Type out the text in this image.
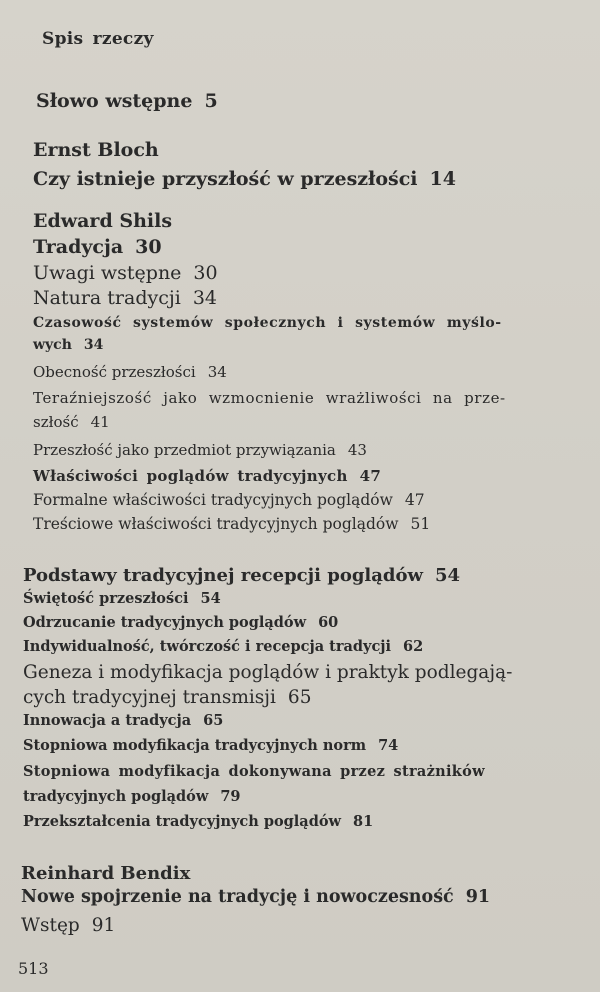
Spis rzeczy
Słowo wstępne 5
Ernst Bloch
Czy istnieje przyszłość w przeszłości 14
Edward Shils
Tradycja 30
Uwagi wstępne 30
Natura tradycji 34
Czasowość systemów społecznych i systemów myślo-
wych 34
Obecność przeszłości 34
Teraźniejszość jako wzmocnienie wrażliwości na prze-
szłość 41
Przeszłość jako przedmiot przywiązania 43
Właściwości poglądów tradycyjnych 47
Formalne właściwości tradycyjnych poglądów 47
Treściowe właściwości tradycyjnych poglądów 51
Podstawy tradycyjnej recepcji poglądów 54
Świętość przeszłości 54
Odrzucanie tradycyjnych poglądów 60
Indywidualność, twórczość i recepcja tradycji 62
Geneza i modyfikacja poglądów i praktyk podlegają-
cych tradycyjnej transmisji 65
Innowacja a tradycja 65
Stopniowa modyfikacja tradycyjnych norm 74
Stopniowa modyfikacja dokonywana przez strażników
tradycyjnych poglądów 79
Przekształcenia tradycyjnych poglądów 81
Reinhard Bendix
Nowe spojrzenie na tradycję i nowoczesność 91
Wstęp 91
513
